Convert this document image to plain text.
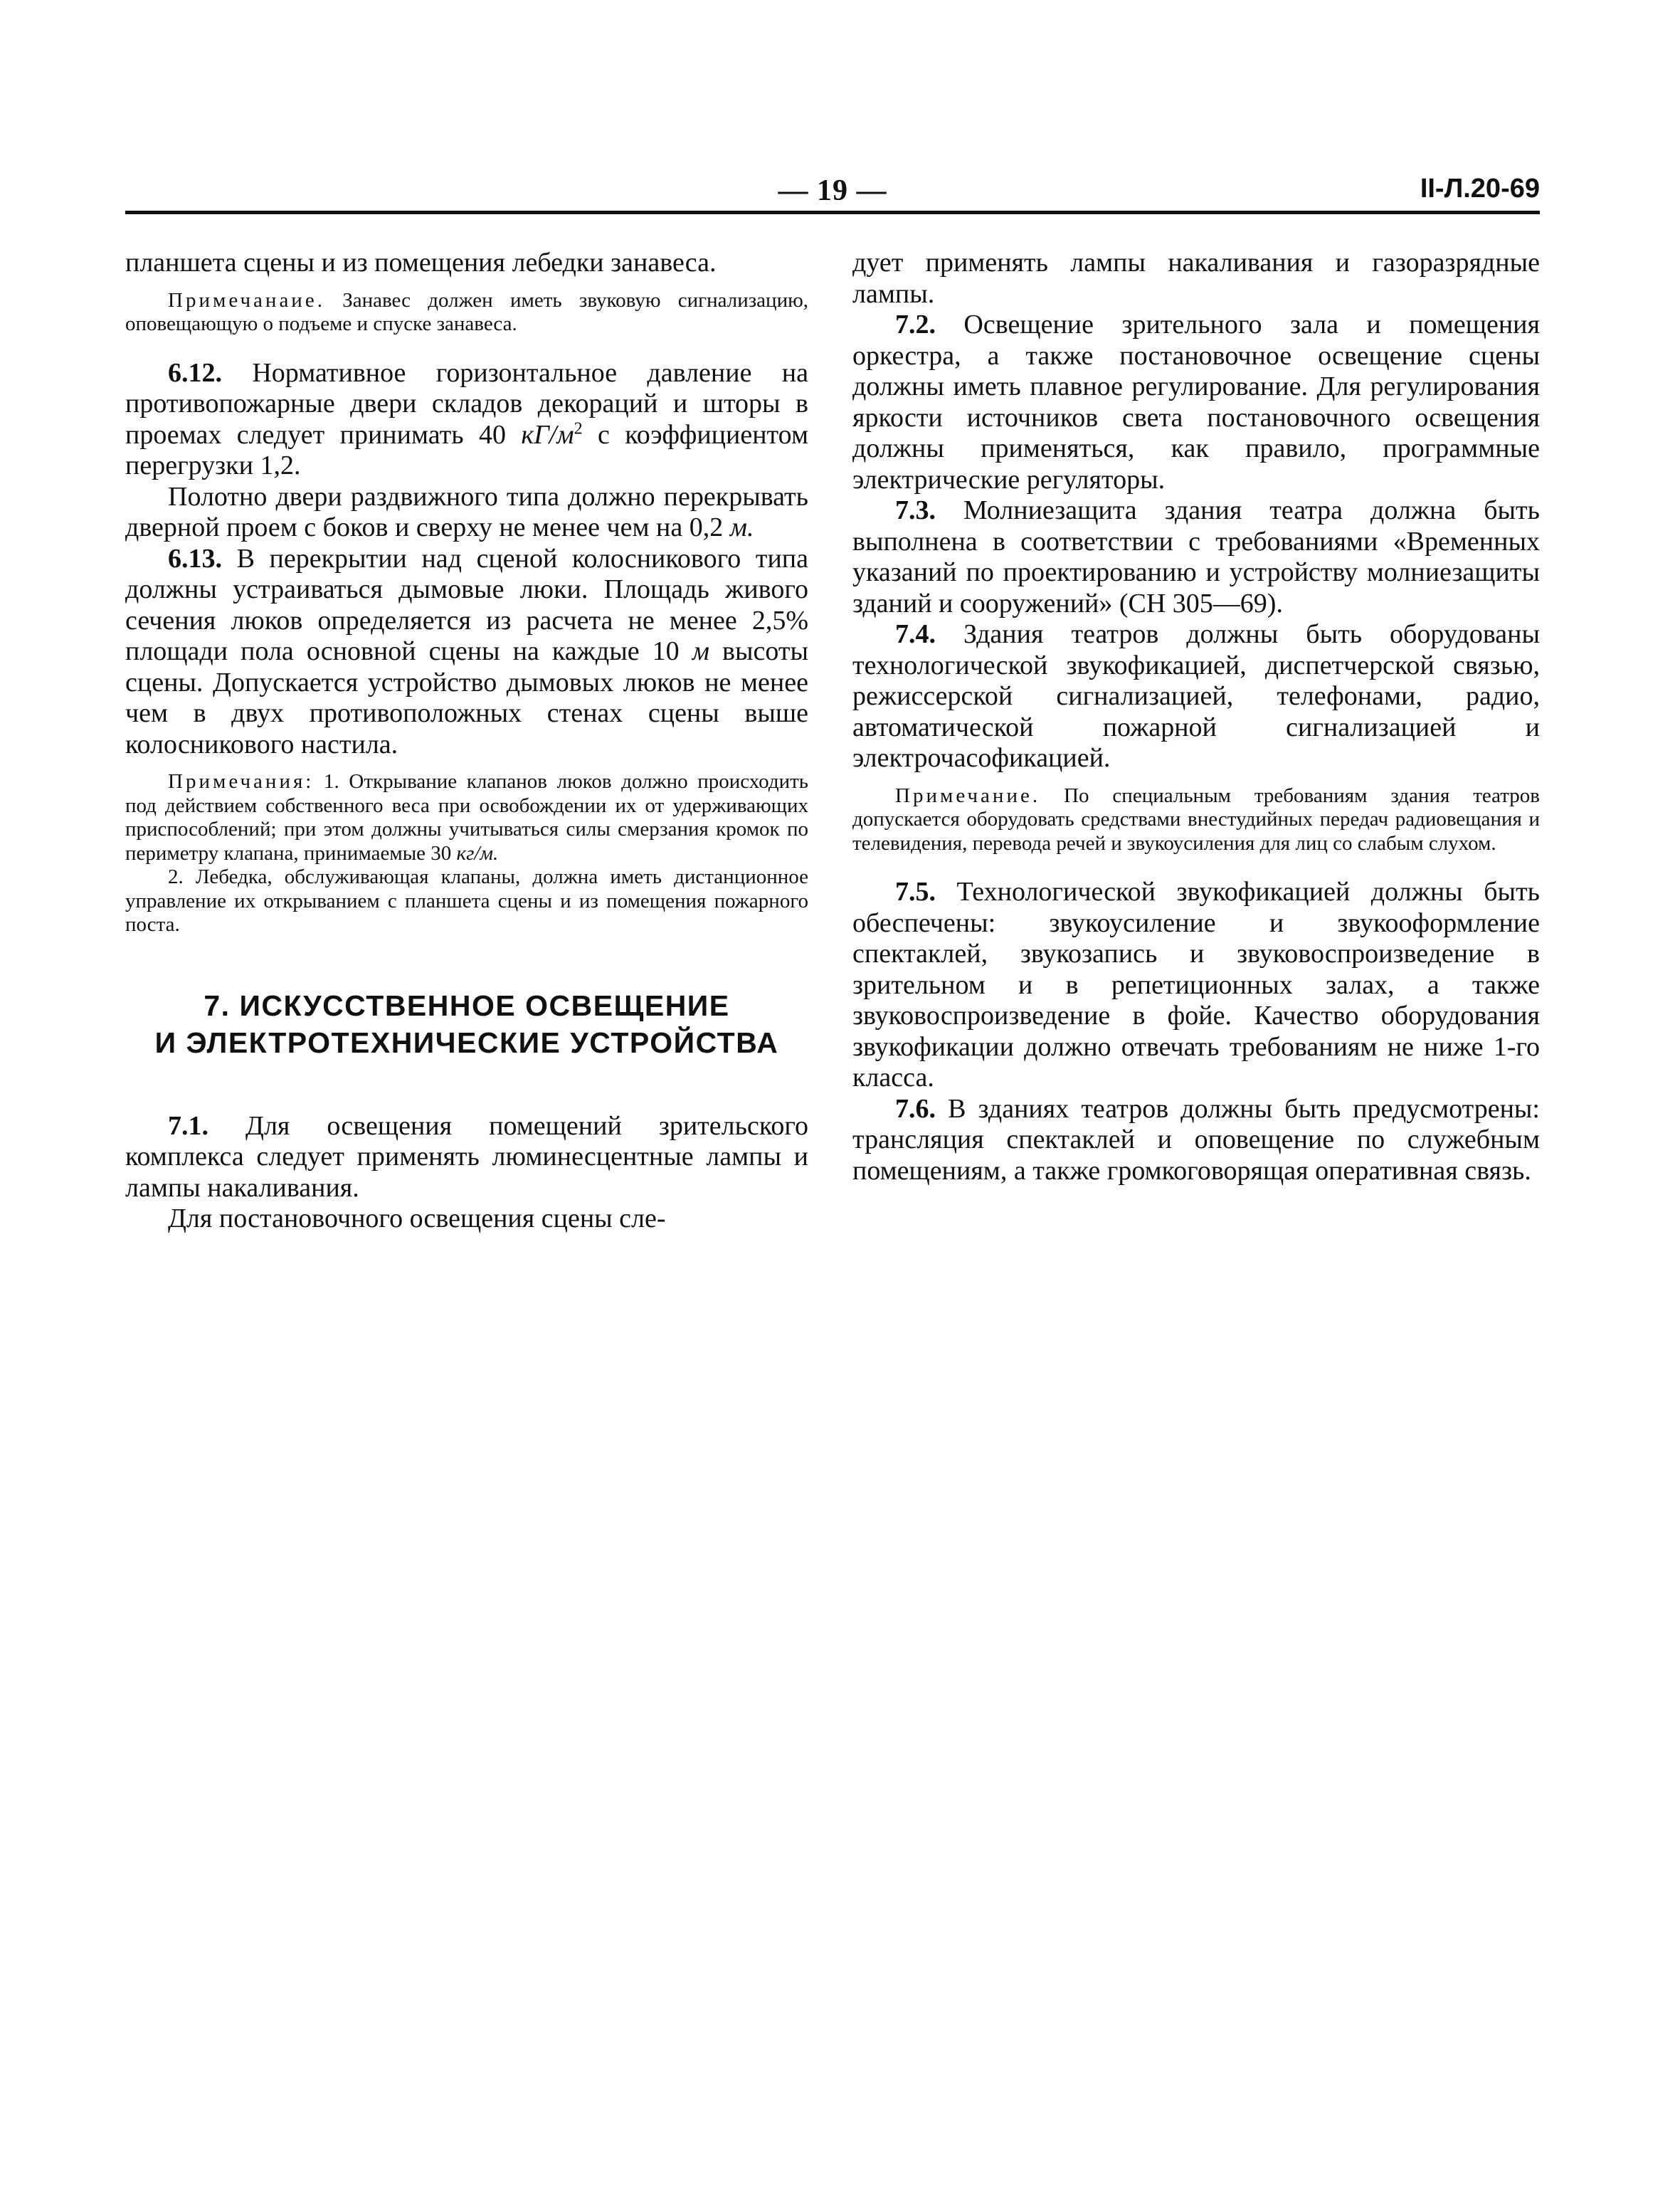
— 19 —	II-Л.20-69

планшета сцены и из помещения лебедки занавеса.

Примечанаие. Занавес должен иметь звуковую сигнализацию, оповещающую о подъеме и спуске занавеса.

6.12. Нормативное горизонтальное давление на противопожарные двери складов декораций и шторы в проемах следует принимать 40 $кГ/м^2$ с коэффициентом перегрузки 1,2.

Полотно двери раздвижного типа должно перекрывать дверной проем с боков и сверху не менее чем на 0,2 м.

6.13. В перекрытии над сценой колосникового типа должны устраиваться дымовые люки. Площадь живого сечения люков определяется из расчета не менее 2,5% площади пола основной сцены на каждые 10 м высоты сцены. Допускается устройство дымовых люков не менее чем в двух противоположных стенах сцены выше колосникового настила.

Примечания: 1. Открывание клапанов люков должно происходить под действием собственного веса при освобождении их от удерживающих приспособлений; при этом должны учитываться силы смерзания кромок по периметру клапана, принимаемые 30 кг/м.

2. Лебедка, обслуживающая клапаны, должна иметь дистанционное управление их открыванием с планшета сцены и из помещения пожарного поста.

7. ИСКУССТВЕННОЕ ОСВЕЩЕНИЕ
И ЭЛЕКТРОТЕХНИЧЕСКИЕ УСТРОЙСТВА

7.1. Для освещения помещений зрительского комплекса следует применять люминесцентные лампы и лампы накаливания.

Для постановочного освещения сцены сле-

дует применять лампы накаливания и газоразрядные лампы.

7.2. Освещение зрительного зала и помещения оркестра, а также постановочное освещение сцены должны иметь плавное регулирование. Для регулирования яркости источников света постановочного освещения должны применяться, как правило, программные электрические регуляторы.

7.3. Молниезащита здания театра должна быть выполнена в соответствии с требованиями «Временных указаний по проектированию и устройству молниезащиты зданий и сооружений» (СН 305—69).

7.4. Здания театров должны быть оборудованы технологической звукофикацией, диспетчерской связью, режиссерской сигнализацией, телефонами, радио, автоматической пожарной сигнализацией и электрочасофикацией.

Примечание. По специальным требованиям здания театров допускается оборудовать средствами внестудийных передач радиовещания и телевидения, перевода речей и звукоусиления для лиц со слабым слухом.

7.5. Технологической звукофикацией должны быть обеспечены: звукоусиление и звукооформление спектаклей, звукозапись и звуковоспроизведение в зрительном и в репетиционных залах, а также звуковоспроизведение в фойе. Качество оборудования звукофикации должно отвечать требованиям не ниже 1-го класса.

7.6. В зданиях театров должны быть предусмотрены: трансляция спектаклей и оповещение по служебным помещениям, а также громкоговорящая оперативная связь.
